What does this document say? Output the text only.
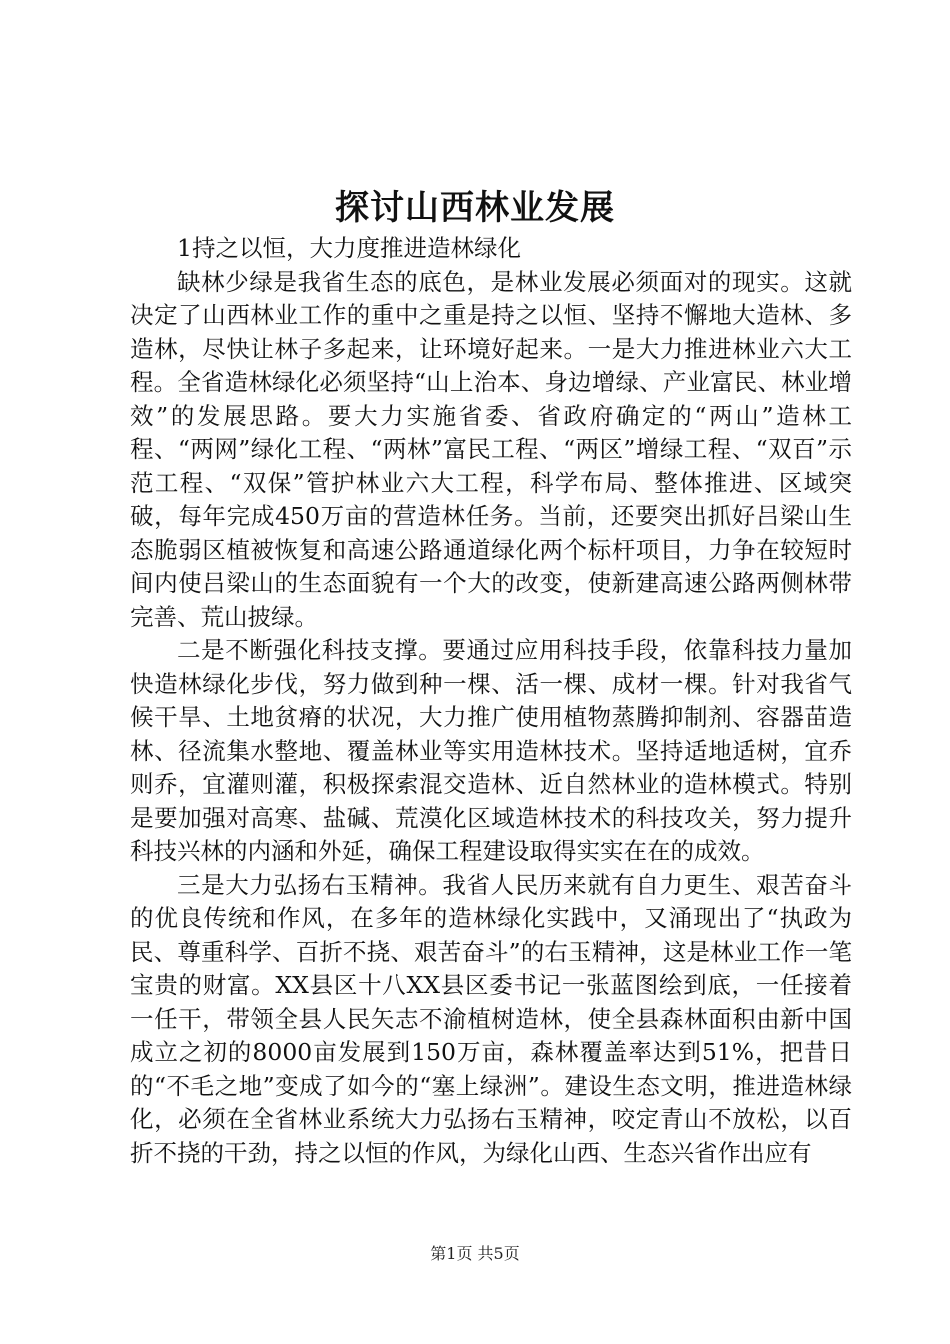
探讨山西林业发展

1持之以恒，大力度推进造林绿化

缺林少绿是我省生态的底色，是林业发展必须面对的现实。这就决定了山西林业工作的重中之重是持之以恒、坚持不懈地大造林、多造林，尽快让林子多起来，让环境好起来。一是大力推进林业六大工程。全省造林绿化必须坚持“山上治本、身边增绿、产业富民、林业增效”的发展思路。要大力实施省委、省政府确定的“两山”造林工程、“两网”绿化工程、“两林”富民工程、“两区”增绿工程、“双百”示范工程、“双保”管护林业六大工程，科学布局、整体推进、区域突破，每年完成450万亩的营造林任务。当前，还要突出抓好吕梁山生态脆弱区植被恢复和高速公路通道绿化两个标杆项目，力争在较短时间内使吕梁山的生态面貌有一个大的改变，使新建高速公路两侧林带完善、荒山披绿。

二是不断强化科技支撑。要通过应用科技手段，依靠科技力量加快造林绿化步伐，努力做到种一棵、活一棵、成材一棵。针对我省气候干旱、土地贫瘠的状况，大力推广使用植物蒸腾抑制剂、容器苗造林、径流集水整地、覆盖林业等实用造林技术。坚持适地适树，宜乔则乔，宜灌则灌，积极探索混交造林、近自然林业的造林模式。特别是要加强对高寒、盐碱、荒漠化区域造林技术的科技攻关，努力提升科技兴林的内涵和外延，确保工程建设取得实实在在的成效。

三是大力弘扬右玉精神。我省人民历来就有自力更生、艰苦奋斗的优良传统和作风，在多年的造林绿化实践中，又涌现出了“执政为民、尊重科学、百折不挠、艰苦奋斗”的右玉精神，这是林业工作一笔宝贵的财富。XX县区十八XX县区委书记一张蓝图绘到底，一任接着一任干，带领全县人民矢志不渝植树造林，使全县森林面积由新中国成立之初的8000亩发展到150万亩，森林覆盖率达到51%，把昔日的“不毛之地”变成了如今的“塞上绿洲”。建设生态文明，推进造林绿化，必须在全省林业系统大力弘扬右玉精神，咬定青山不放松，以百折不挠的干劲，持之以恒的作风，为绿化山西、生态兴省作出应有

第1页 共5页
